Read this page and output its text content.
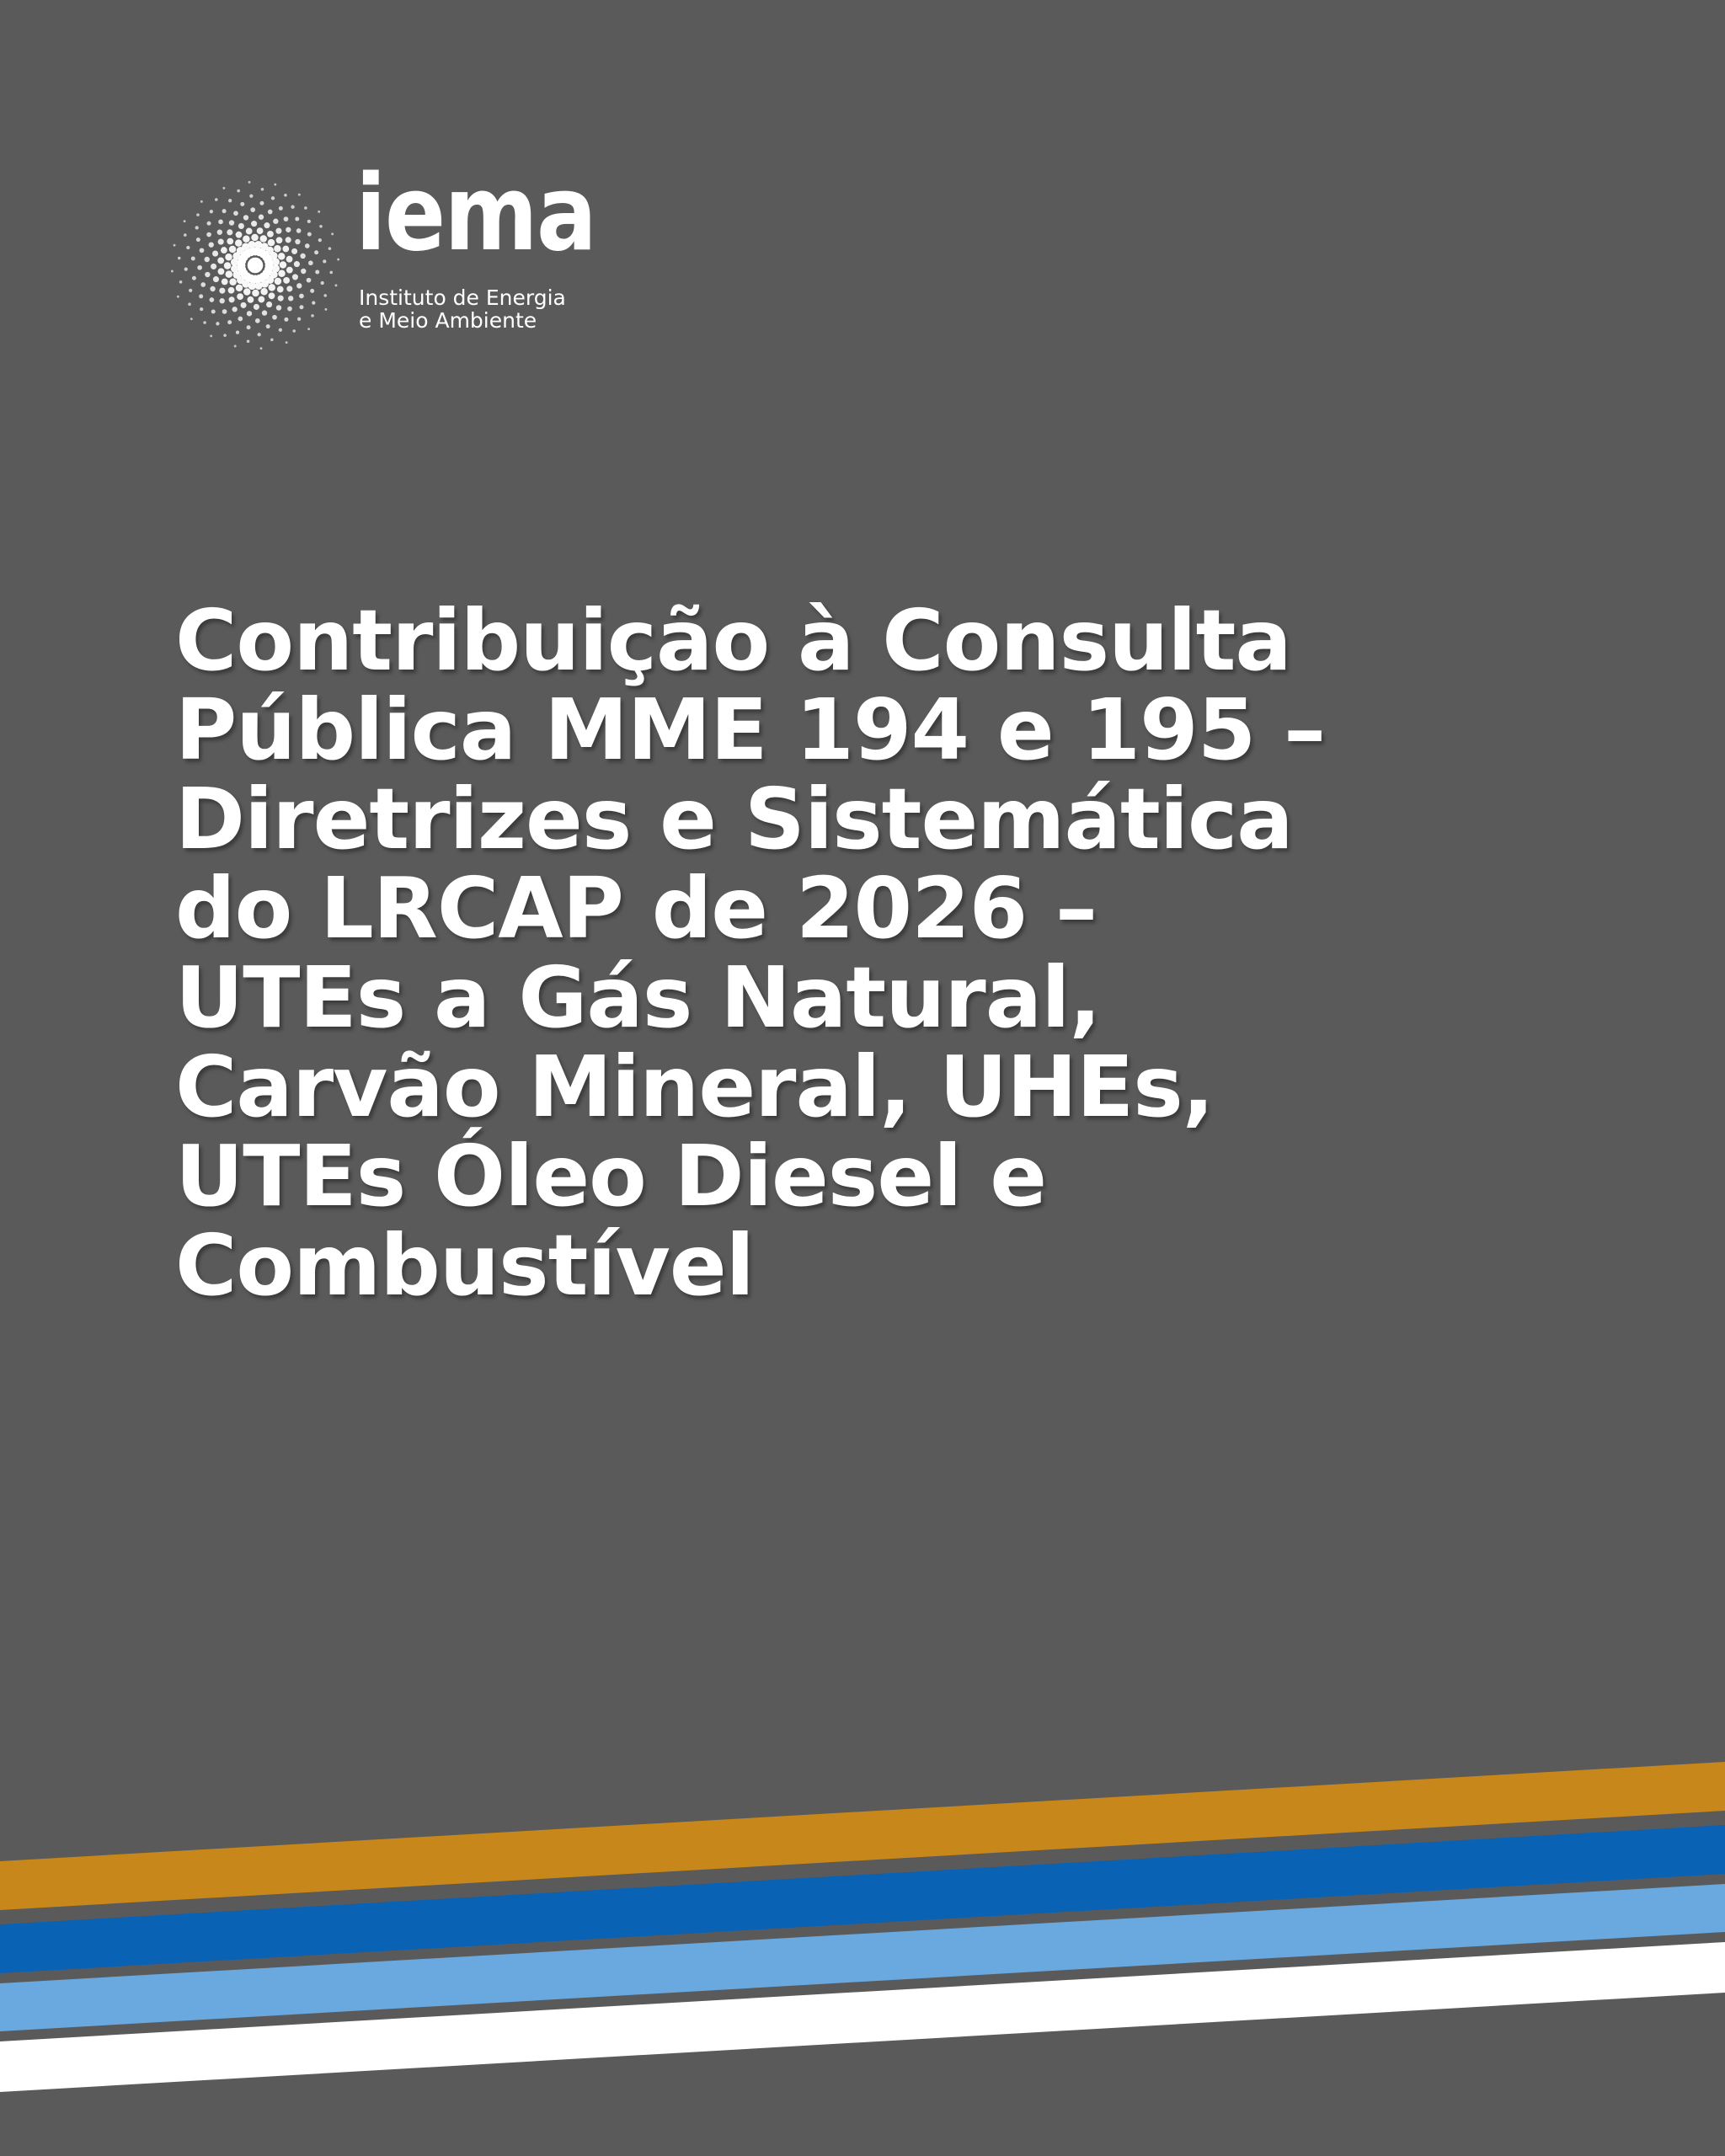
iema
Instituto de Energia
e Meio Ambiente
Contribuição à Consulta
Pública MME 194 e 195 –
Diretrizes e Sistemática
do LRCAP de 2026 –
UTEs a Gás Natural,
Carvão Mineral, UHEs,
UTEs Óleo Diesel e
Combustível
